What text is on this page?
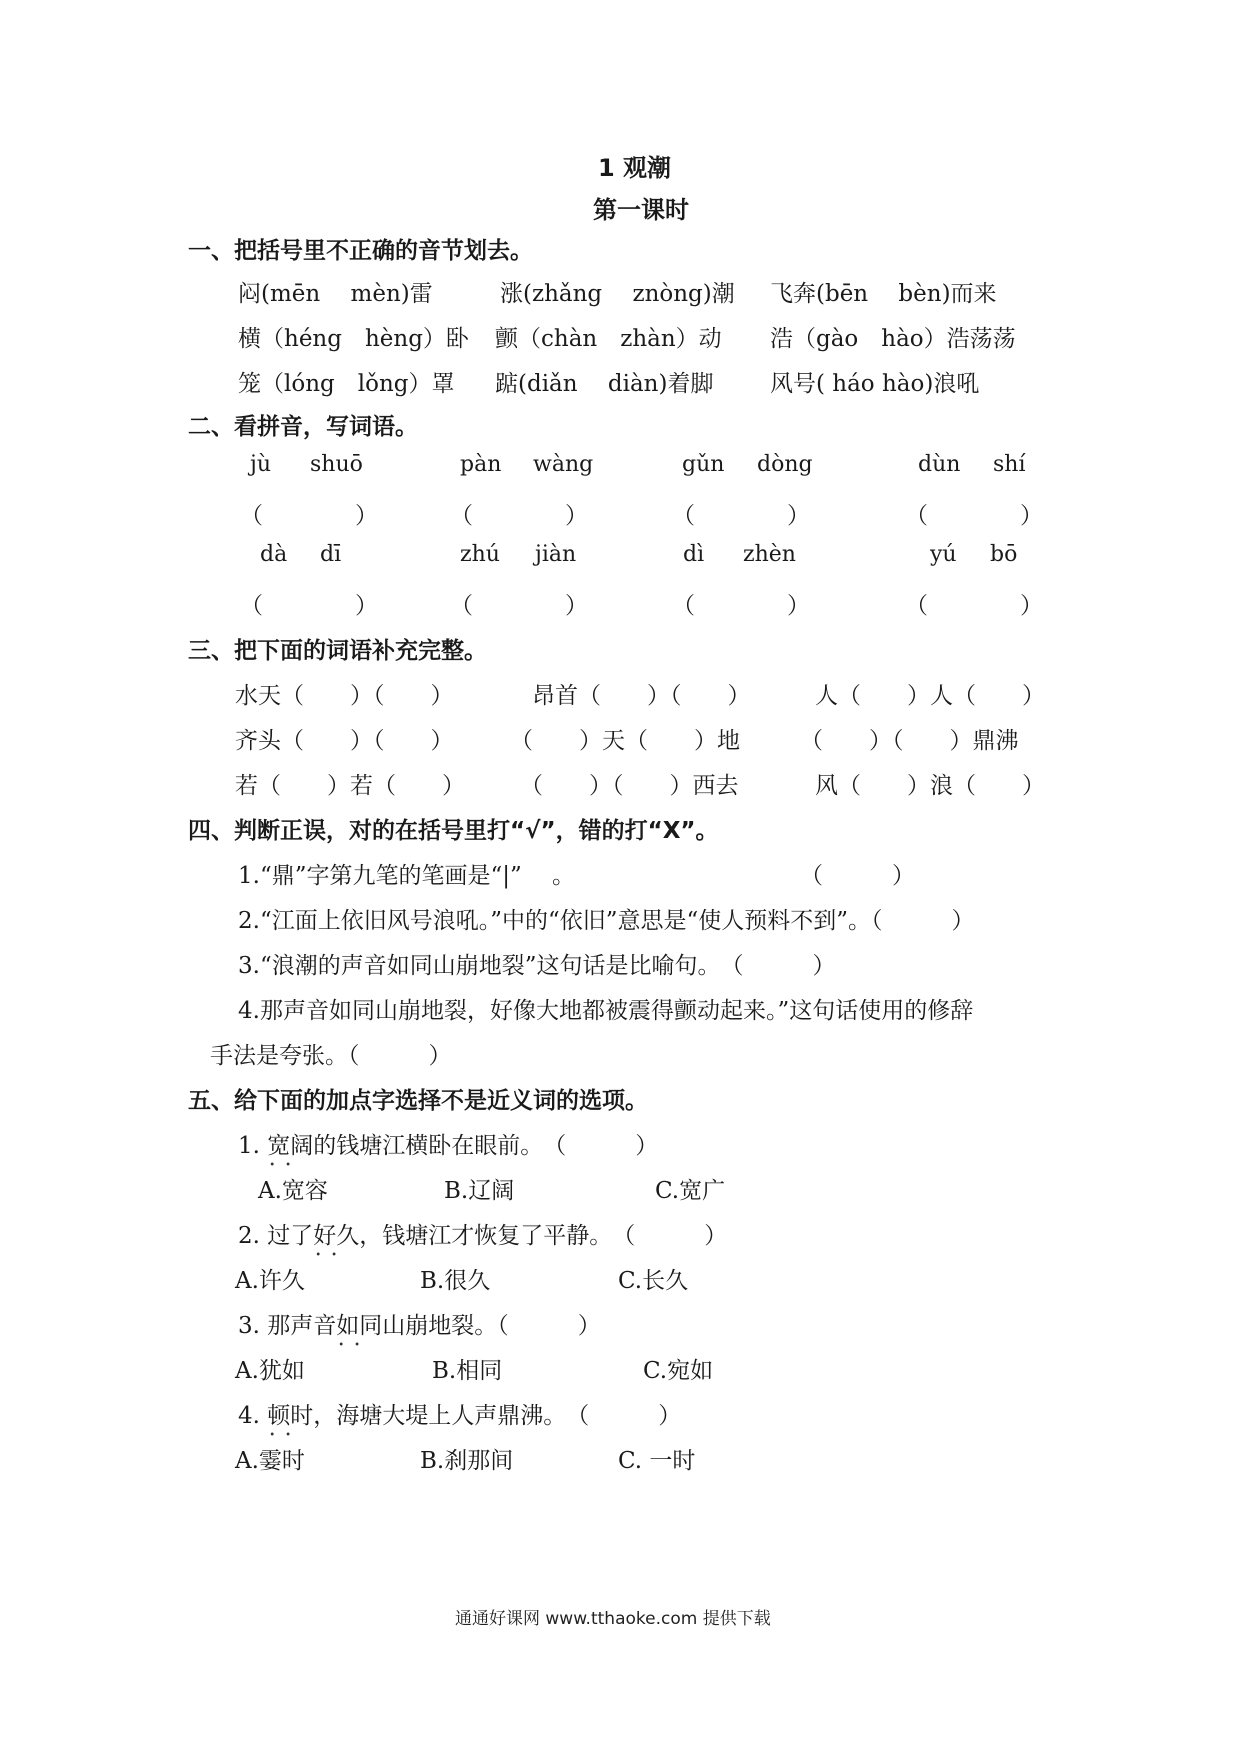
1 观潮
第一课时
一、把括号里不正确的音节划去。
闷(mēn　 mèn)雷	涨(zhǎng　 znòng)潮 飞奔(bēn　 bèn)而来
横（héng　hèng）卧 颤（chàn　zhàn）动 浩（gào　hào）浩荡荡
笼（lóng　lǒng）罩 踮(diǎn　 diàn)着脚 风号( háo hào)浪吼
二、看拼音，写词语。
jù shuō	pàn wàng	gǔn dòng	dùn shí
（　　　　）	（　　　　）	（　　　　）	（　　　　）
dà dī	zhú jiàn	dì zhèn	yú bō
（　　　　）	（　　　　）	（　　　　）	（　　　　）
三、把下面的词语补充完整。
水天（　　）（　　）	昂首（　　）（　　）	人（　　）人（　　）
齐头（　　）（　　） （　　）天（　　）地	（　　）（　　）鼎沸
若（　　）若（　　） （　　）（　　）西去	风（　　）浪（　　）
四、判断正误，对的在括号里打“√”，错的打“X”。
1.“鼎”字第九笔的笔画是“|”　 。	（　　　）
2.“江面上依旧风号浪吼。”中的“依旧”意思是“使人预料不到”。（　　　）
3.“浪潮的声音如同山崩地裂”这句话是比喻句。　（　　　）
4.那声音如同山崩地裂，好像大地都被震得颤动起来。”这句话使用的修辞
手法是夸张。（　　　）
五、给下面的加点字选择不是近义词的选项。
1. 宽阔 ••的钱塘江横卧在眼前。　（　　　）
A.宽容	B.辽阔	C.宽广
2. 过了好久 ••，钱塘江才恢复了平静。　（　　　）
A.许久	B.很久	C.长久
3. 那声音如同 ••山崩地裂。（　　　）
A.犹如	B.相同	C.宛如
4. 顿时 ••，海塘大堤上人声鼎沸。　（　　　）
A.霎时	B.刹那间	C. 一时
通通好课网 www.tthaoke.com 提供下载
